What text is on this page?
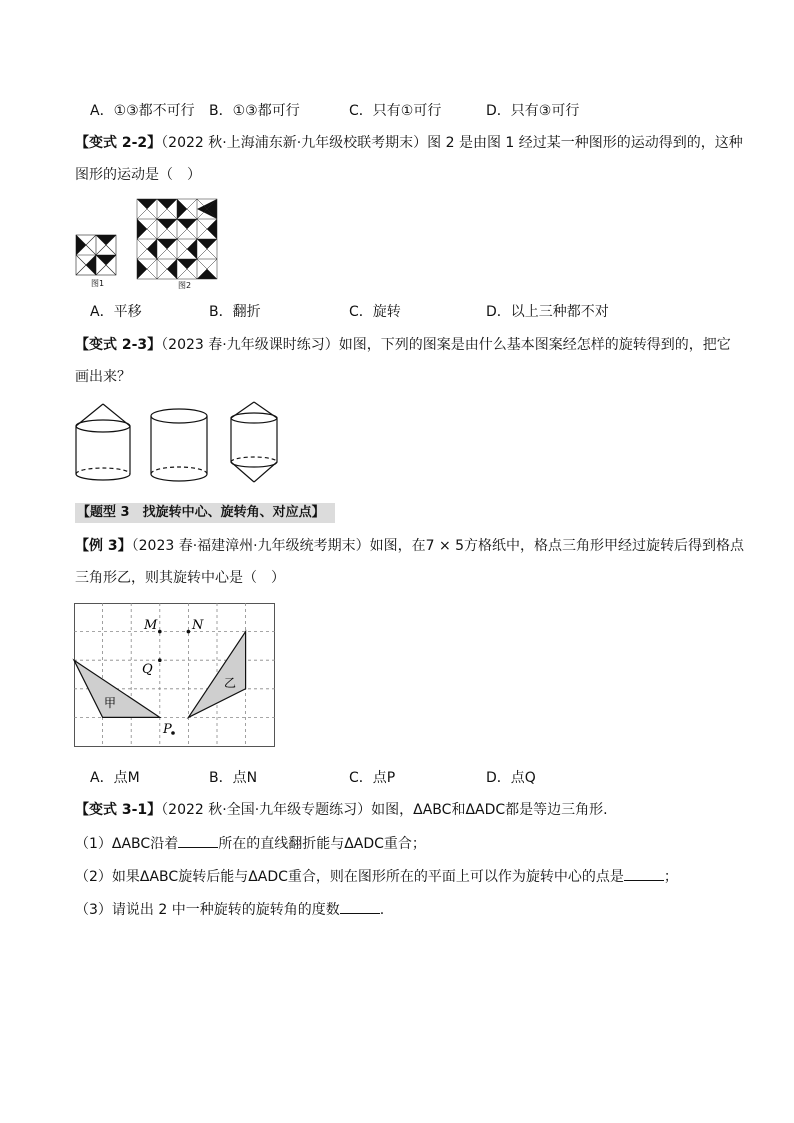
A．①③都不可行 B．①③都可行	C．只有①可行	D．只有③可行
【变式 2-2】（2022 秋·上海浦东新·九年级校联考期末）图 2 是由图 1 经过某一种图形的运动得到的，这种
图形的运动是（　）
图1	图2
A．平移	B．翻折	C．旋转	D．以上三种都不对
【变式 2-3】（2023 春·九年级课时练习）如图，下列的图案是由什么基本图案经怎样的旋转得到的，把它
画出来？
【题型 3　找旋转中心、旋转角、对应点】
【例 3】（2023 春·福建漳州·九年级统考期末）如图，在7 × 5方格纸中，格点三角形甲经过旋转后得到格点
三角形乙，则其旋转中心是（　）
M	N
Q
P
甲
乙
A．点M	B．点N	C．点P	D．点Q
【变式 3-1】（2022 秋·全国·九年级专题练习）如图，ΔABC和ΔADC都是等边三角形.
（1）ΔABC沿着	所在的直线翻折能与ΔADC重合；
（2）如果ΔABC旋转后能与ΔADC重合，则在图形所在的平面上可以作为旋转中心的点是	；
（3）请说出 2 中一种旋转的旋转角的度数	.
